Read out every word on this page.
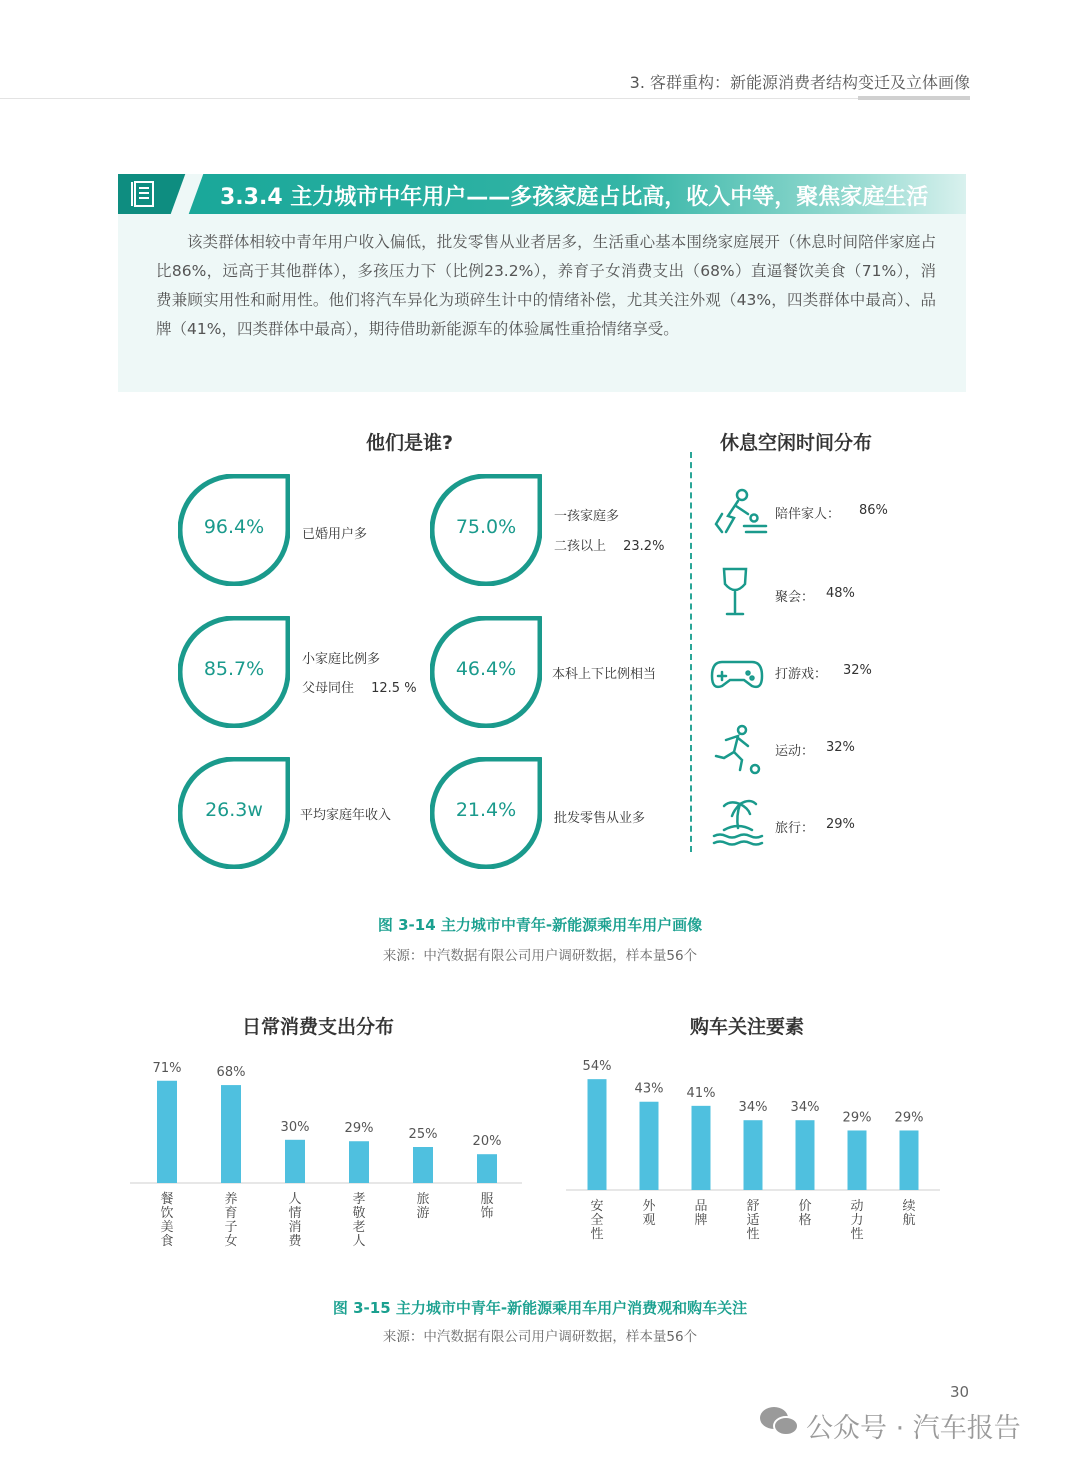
3. 客群重构：新能源消费者结构变迁及立体画像
3.3.4 主力城市中年用户——多孩家庭占比高，收入中等，聚焦家庭生活

该类群体相较中青年用户收入偏低，批发零售从业者居多，生活重心基本围绕家庭展开（休息时间陪伴家庭占比86%，远高于其他群体），多孩压力下（比例23.2%），养育子女消费支出（68%）直逼餐饮美食（71%），消费兼顾实用性和耐用性。他们将汽车异化为琐碎生计中的情绪补偿，尤其关注外观（43%，四类群体中最高）、品牌（41%，四类群体中最高），期待借助新能源车的体验属性重拾情绪享受。

他们是谁?
96.4%	已婚用户多	75.0%	一孩家庭多
二孩以上　 23.2%
85.7%	小家庭比例多
父母同住　 12.5 %
46.4%	本科上下比例相当
26.3w	平均家庭年收入	21.4%	批发零售从业多
休息空闲时间分布
陪伴家人： 86%
聚会： 48%
打游戏： 32%
运动： 32%
旅行： 29%
图 3-14 主力城市中青年-新能源乘用车用户画像
来源：中汽数据有限公司用户调研数据，样本量56个
日常消费支出分布
71%
餐饮美食
68%
养育子女
30%
人情消费
29%
孝敬老人
25%
旅游
20%
服饰
购车关注要素
54%
安全性
43%
外观
41%
品牌
34%
舒适性
34%
价格
29%
动力性
29%
续航
图 3-15 主力城市中青年-新能源乘用车用户消费观和购车关注
来源：中汽数据有限公司用户调研数据，样本量56个
30
公众号 · 汽车报告
